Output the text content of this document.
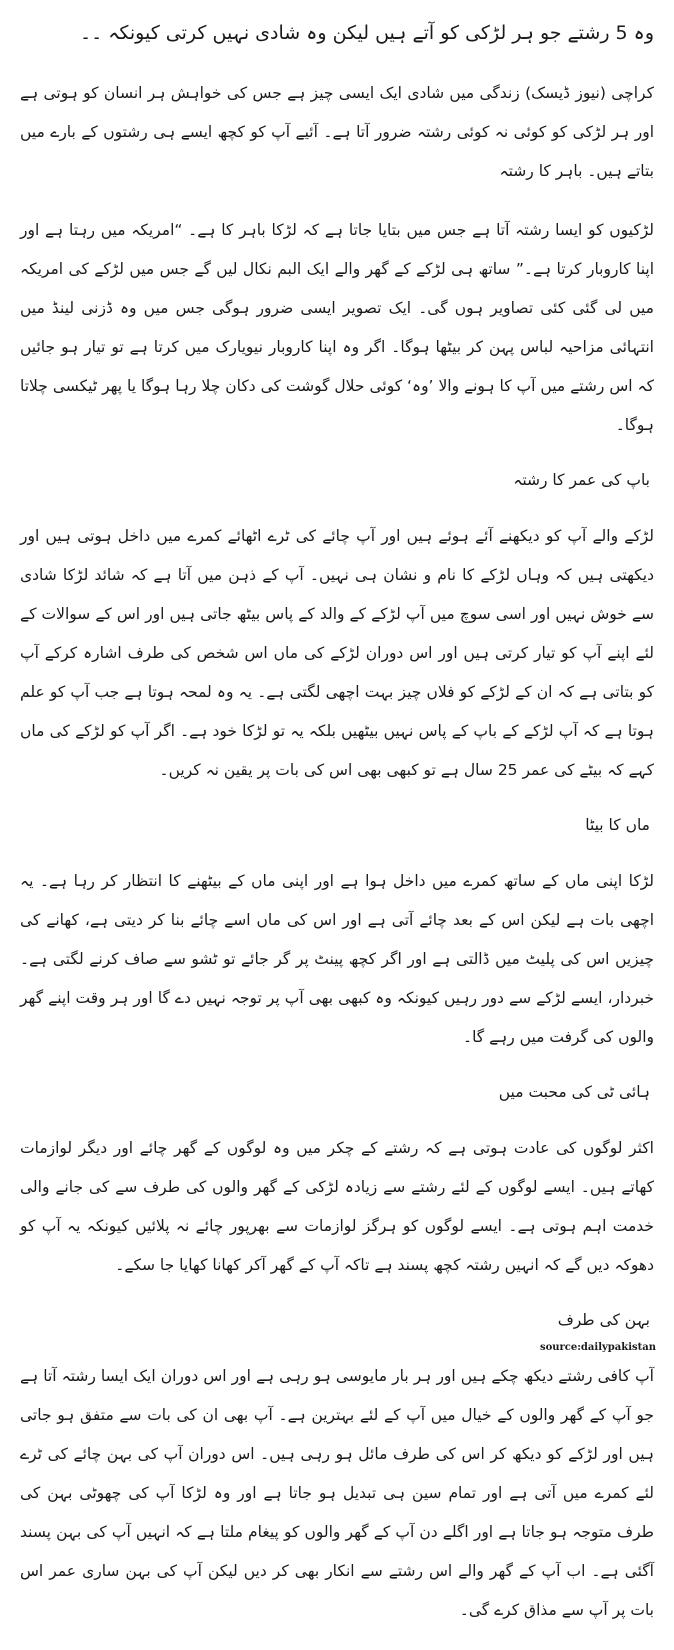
وہ 5 رشتے جو ہر لڑکی کو آتے ہیں لیکن وہ شادی نہیں کرتی کیونکہ ۔۔

کراچی (نیوز ڈیسک) زندگی میں شادی ایک ایسی چیز ہے جس کی خواہش ہر انسان کو ہوتی ہے اور ہر لڑکی کو کوئی نہ کوئی رشتہ ضرور آتا ہے۔ آئیے آپ کو کچھ ایسے ہی رشتوں کے بارے میں بتاتے ہیں۔ باہر کا رشتہ

لڑکیوں کو ایسا رشتہ آتا ہے جس میں بتایا جاتا ہے کہ لڑکا باہر کا ہے۔ “امریکہ میں رہتا ہے اور اپنا کاروبار کرتا ہے۔” ساتھ ہی لڑکے کے گھر والے ایک البم نکال لیں گے جس میں لڑکے کی امریکہ میں لی گئی کئی تصاویر ہوں گی۔ ایک تصویر ایسی ضرور ہوگی جس میں وہ ڈزنی لینڈ میں انتہائی مزاحیہ لباس پہن کر بیٹھا ہوگا۔ اگر وہ اپنا کاروبار نیویارک میں کرتا ہے تو تیار ہو جائیں کہ اس رشتے میں آپ کا ہونے والا ’وہ‘ کوئی حلال گوشت کی دکان چلا رہا ہوگا یا پھر ٹیکسی چلاتا ہوگا۔

باپ کی عمر کا رشتہ

لڑکے والے آپ کو دیکھنے آئے ہوئے ہیں اور آپ چائے کی ٹرے اٹھائے کمرے میں داخل ہوتی ہیں اور دیکھتی ہیں کہ وہاں لڑکے کا نام و نشان ہی نہیں۔ آپ کے ذہن میں آتا ہے کہ شائد لڑکا شادی سے خوش نہیں اور اسی سوچ میں آپ لڑکے کے والد کے پاس بیٹھ جاتی ہیں اور اس کے سوالات کے لئے اپنے آپ کو تیار کرتی ہیں اور اس دوران لڑکے کی ماں اس شخص کی طرف اشارہ کرکے آپ کو بتاتی ہے کہ ان کے لڑکے کو فلاں چیز بہت اچھی لگتی ہے۔ یہ وہ لمحہ ہوتا ہے جب آپ کو علم ہوتا ہے کہ آپ لڑکے کے باپ کے پاس نہیں بیٹھیں بلکہ یہ تو لڑکا خود ہے۔ اگر آپ کو لڑکے کی ماں کہے کہ بیٹے کی عمر 25 سال ہے تو کبھی بھی اس کی بات پر یقین نہ کریں۔

ماں کا بیٹا

لڑکا اپنی ماں کے ساتھ کمرے میں داخل ہوا ہے اور اپنی ماں کے بیٹھنے کا انتظار کر رہا ہے۔ یہ اچھی بات ہے لیکن اس کے بعد چائے آتی ہے اور اس کی ماں اسے چائے بنا کر دیتی ہے، کھانے کی چیزیں اس کی پلیٹ میں ڈالتی ہے اور اگر کچھ پینٹ پر گر جائے تو ٹشو سے صاف کرنے لگتی ہے۔ خبردار، ایسے لڑکے سے دور رہیں کیونکہ وہ کبھی بھی آپ پر توجہ نہیں دے گا اور ہر وقت اپنے گھر والوں کی گرفت میں رہے گا۔

ہائی ٹی کی محبت میں

اکثر لوگوں کی عادت ہوتی ہے کہ رشتے کے چکر میں وہ لوگوں کے گھر چائے اور دیگر لوازمات کھاتے ہیں۔ ایسے لوگوں کے لئے رشتے سے زیادہ لڑکی کے گھر والوں کی طرف سے کی جانے والی خدمت اہم ہوتی ہے۔ ایسے لوگوں کو ہرگز لوازمات سے بھرپور چائے نہ پلائیں کیونکہ یہ آپ کو دھوکہ دیں گے کہ انہیں رشتہ کچھ پسند ہے تاکہ آپ کے گھر آکر کھانا کھایا جا سکے۔

بہن کی طرف

آپ کافی رشتے دیکھ چکے ہیں اور ہر بار مایوسی ہو رہی ہے اور اس دوران ایک ایسا رشتہ آتا ہے جو آپ کے گھر والوں کے خیال میں آپ کے لئے بہترین ہے۔ آپ بھی ان کی بات سے متفق ہو جاتی ہیں اور لڑکے کو دیکھ کر اس کی طرف مائل ہو رہی ہیں۔ اس دوران آپ کی بہن چائے کی ٹرے لئے کمرے میں آتی ہے اور تمام سین ہی تبدیل ہو جاتا ہے اور وہ لڑکا آپ کی چھوٹی بہن کی طرف متوجہ ہو جاتا ہے اور اگلے دن آپ کے گھر والوں کو پیغام ملتا ہے کہ انہیں آپ کی بہن پسند آگئی ہے۔ اب آپ کے گھر والے اس رشتے سے انکار بھی کر دیں لیکن آپ کی بہن ساری عمر اس بات پر آپ سے مذاق کرے گی۔

source:dailypakistan
